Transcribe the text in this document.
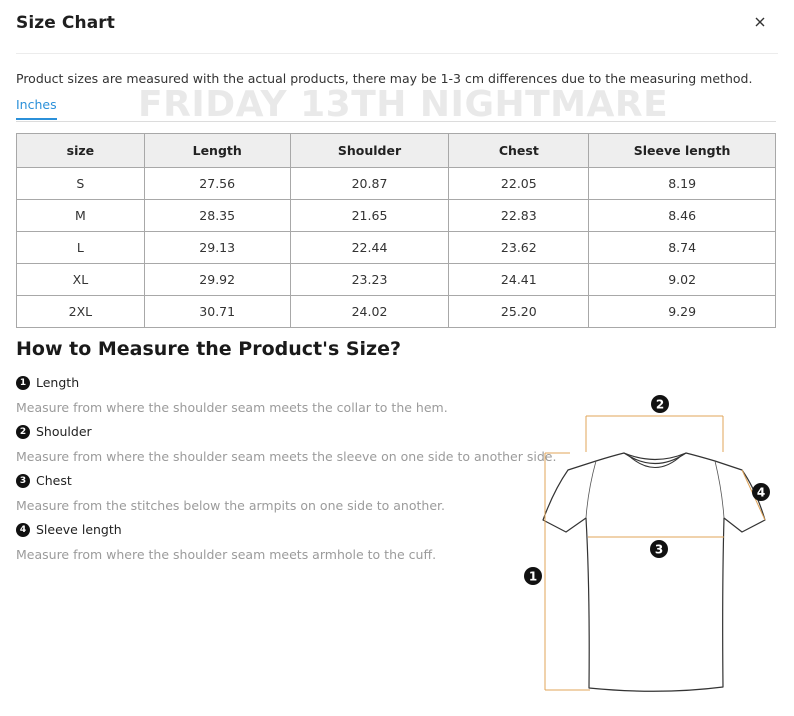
Size Chart
Product sizes are measured with the actual products, there may be 1-3 cm differences due to the measuring method.
FRIDAY 13TH NIGHTMARE
Inches
size	Length	Shoulder	Chest	Sleeve length
S	27.56	20.87	22.05	8.19
M	28.35	21.65	22.83	8.46
L	29.13	22.44	23.62	8.74
XL	29.92	23.23	24.41	9.02
2XL	30.71	24.02	25.20	9.29
How to Measure the Product's Size?
1 Length
Measure from where the shoulder seam meets the collar to the hem.
2 Shoulder
Measure from where the shoulder seam meets the sleeve on one side to another side.
3 Chest
Measure from the stitches below the armpits on one side to another.
4 Sleeve length
Measure from where the shoulder seam meets armhole to the cuff.
2
4
3
1
